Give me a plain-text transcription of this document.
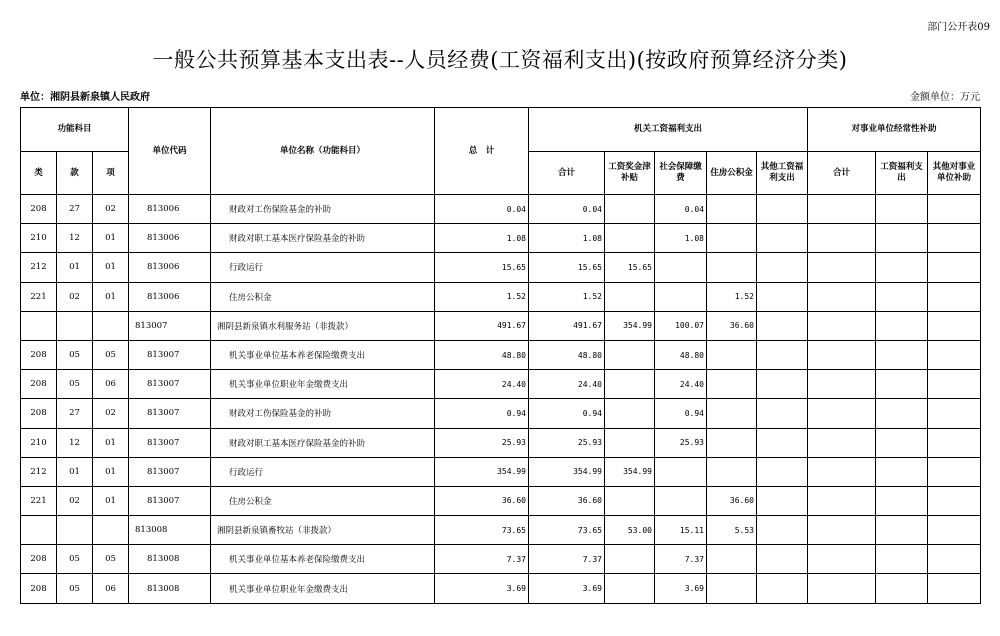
部门公开表09
一般公共预算基本支出表--人员经费(工资福利支出)(按政府预算经济分类)
单位：湘阴县新泉镇人民政府	金额单位：万元
功能科目			单位代码	单位名称（功能科目）	总　计	机关工资福利支出					对事业单位经常性补助		
类	款	项				合计	工资奖金津补贴	社会保障缴费	住房公积金	其他工资福利支出	合计	工资福利支出	其他对事业单位补助
208	27	02	813006	财政对工伤保险基金的补助	0.04	0.04		0.04					
210	12	01	813006	财政对职工基本医疗保险基金的补助	1.08	1.08		1.08					
212	01	01	813006	行政运行	15.65	15.65	15.65						
221	02	01	813006	住房公积金	1.52	1.52			1.52				
			813007	湘阴县新泉镇水利服务站（非拨款）	491.67	491.67	354.99	100.07	36.60				
208	05	05	813007	机关事业单位基本养老保险缴费支出	48.80	48.80		48.80					
208	05	06	813007	机关事业单位职业年金缴费支出	24.40	24.40		24.40					
208	27	02	813007	财政对工伤保险基金的补助	0.94	0.94		0.94					
210	12	01	813007	财政对职工基本医疗保险基金的补助	25.93	25.93		25.93					
212	01	01	813007	行政运行	354.99	354.99	354.99						
221	02	01	813007	住房公积金	36.60	36.60			36.60				
			813008	湘阴县新泉镇畜牧站（非拨款）	73.65	73.65	53.00	15.11	5.53				
208	05	05	813008	机关事业单位基本养老保险缴费支出	7.37	7.37		7.37					
208	05	06	813008	机关事业单位职业年金缴费支出	3.69	3.69		3.69					
